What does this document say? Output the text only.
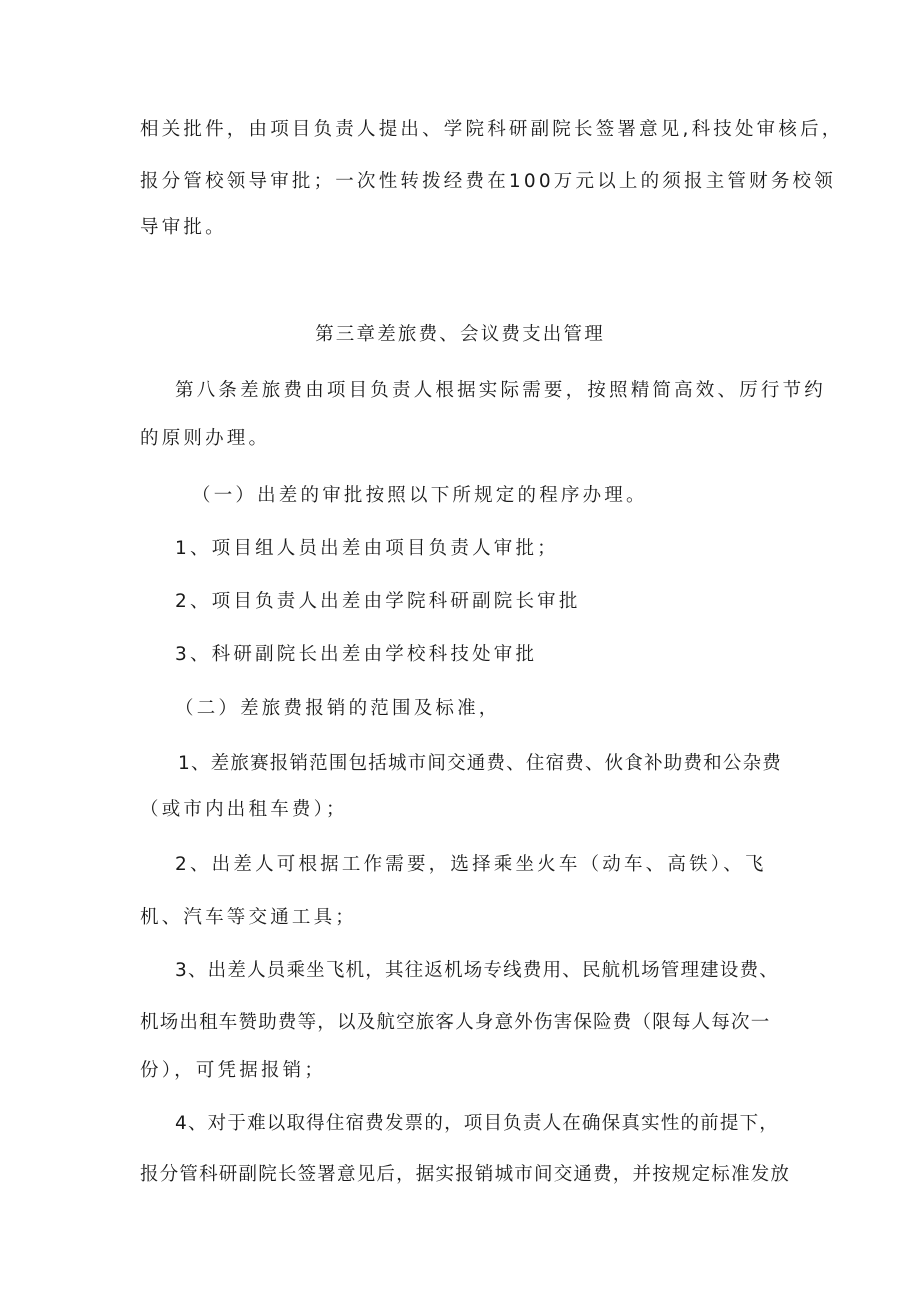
相关批件，由项目负责人提出、学院科研副院长签署意见,科技处审核后，
报分管校领导审批；一次性转拨经费在100万元以上的须报主管财务校领
导审批。
第三章差旅费、会议费支出管理
第八条差旅费由项目负责人根据实际需要，按照精简高效、厉行节约
的原则办理。
（一）出差的审批按照以下所规定的程序办理。
1、项目组人员出差由项目负责人审批；
2、项目负责人出差由学院科研副院长审批
3、科研副院长出差由学校科技处审批
（二）差旅费报销的范围及标准，
1、差旅赛报销范围包括城市间交通费、住宿费、伙食补助费和公杂费
（或市内出租车费）；
2、出差人可根据工作需要，选择乘坐火车（动车、高铁）、飞
机、汽车等交通工具；
3、出差人员乘坐飞机，其往返机场专线费用、民航机场管理建设费、
机场出租车赞助费等，以及航空旅客人身意外伤害保险费（限每人每次一
份），可凭据报销；
4、对于难以取得住宿费发票的，项目负责人在确保真实性的前提下，
报分管科研副院长签署意见后，据实报销城市间交通费，并按规定标准发放
